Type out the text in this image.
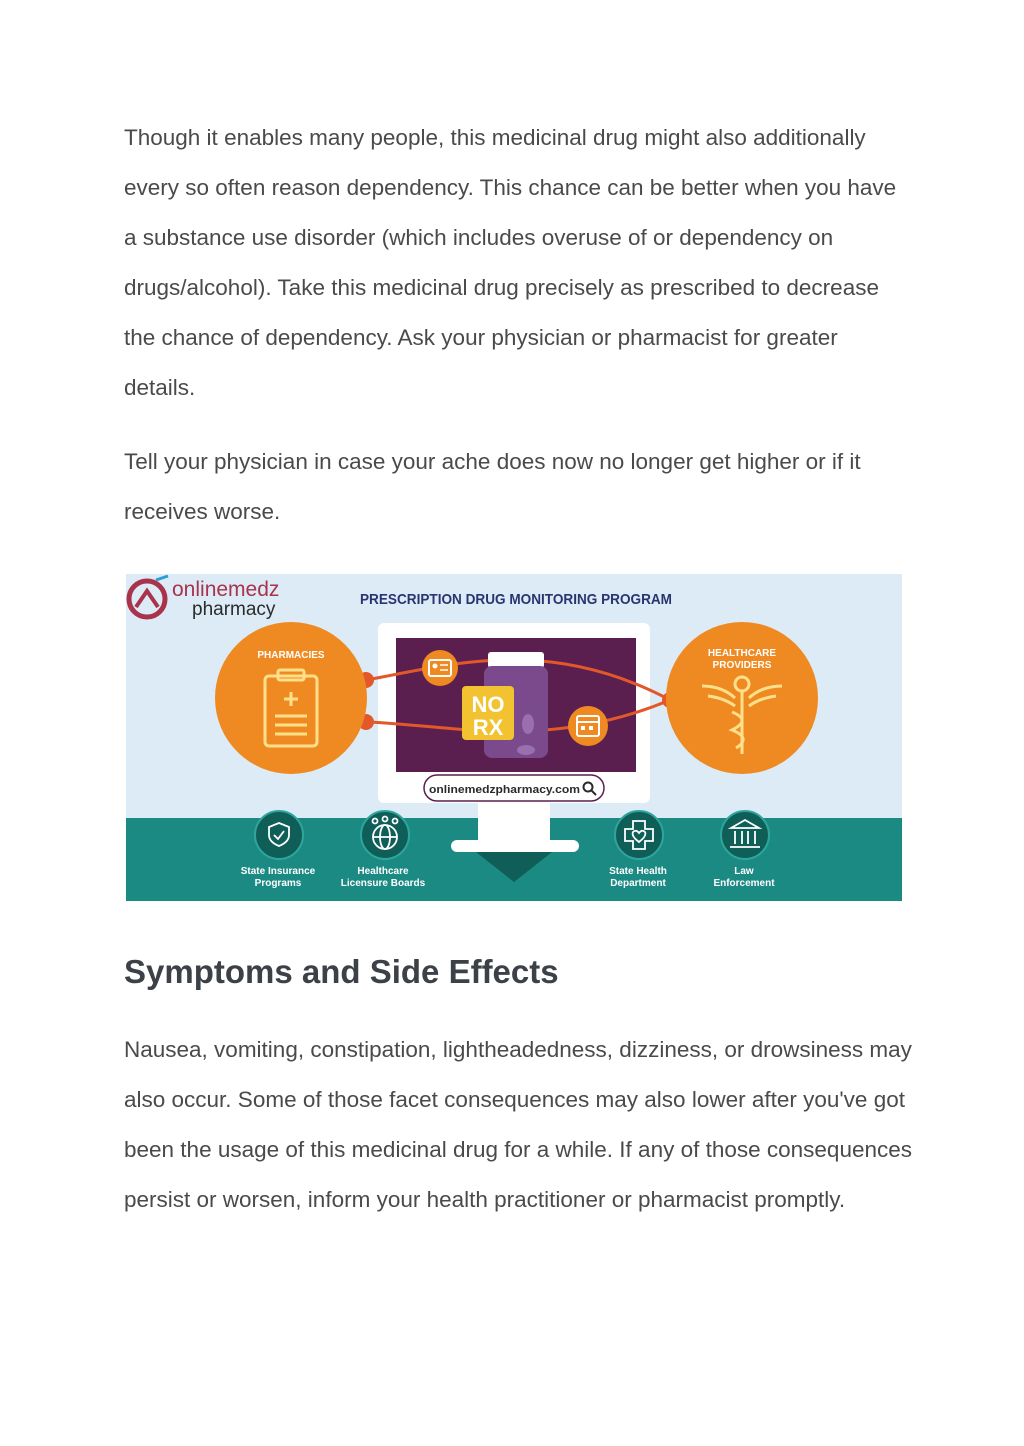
Though it enables many people, this medicinal drug might also additionally every so often reason dependency. This chance can be better when you have a substance use disorder (which includes overuse of or dependency on drugs/alcohol). Take this medicinal drug precisely as prescribed to decrease the chance of dependency. Ask your physician or pharmacist for greater details.

Tell your physician in case your ache does now no longer get higher or if it receives worse.

onlinemedz
pharmacy	PRESCRIPTION DRUG MONITORING PROGRAM
onlinemedzpharmacy.com
NO
RX
PHARMACIES	HEALTHCARE
PROVIDERS
State Insurance
Programs
Healthcare
Licensure Boards
State Health
Department
Law
Enforcement
Symptoms and Side Effects

Nausea, vomiting, constipation, lightheadedness, dizziness, or drowsiness may also occur. Some of those facet consequences may also lower after you've got been the usage of this medicinal drug for a while. If any of those consequences persist or worsen, inform your health practitioner or pharmacist promptly.
